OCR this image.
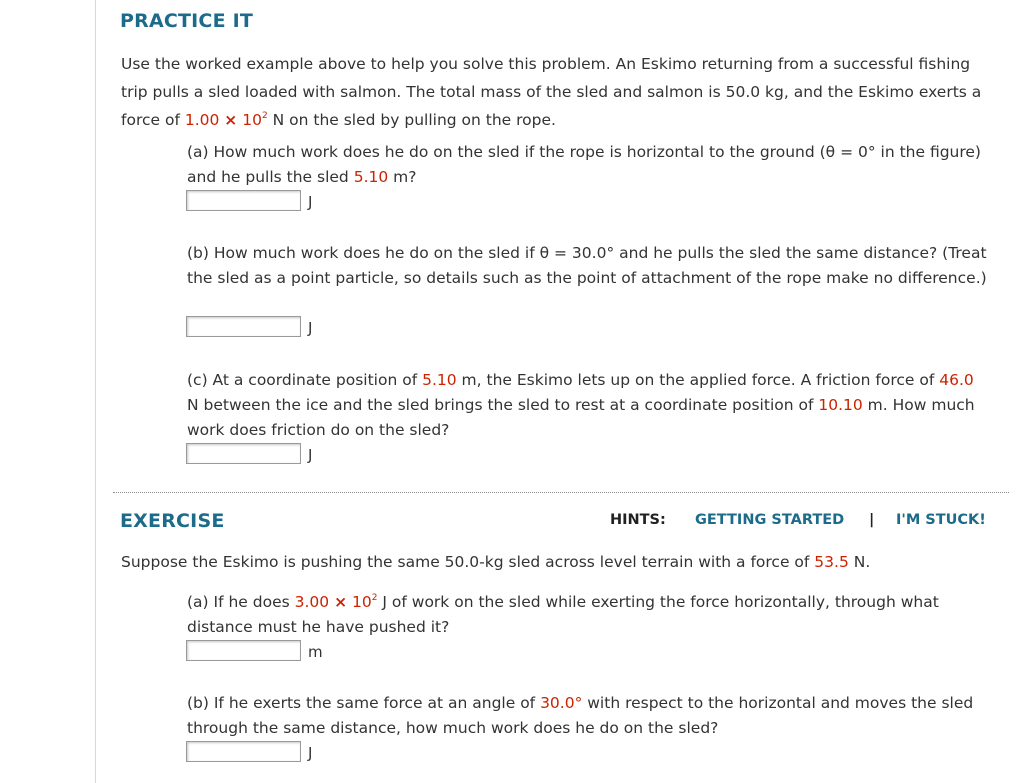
PRACTICE IT
Use the worked example above to help you solve this problem. An Eskimo returning from a successful fishing trip pulls a sled loaded with salmon. The total mass of the sled and salmon is 50.0 kg, and the Eskimo exerts a force of $1.00 \times 10^2$ N on the sled by pulling on the rope.
(a) How much work does he do on the sled if the rope is horizontal to the ground (θ = 0° in the figure) and he pulls the sled 5.10 m?
J
(b) How much work does he do on the sled if θ = 30.0° and he pulls the sled the same distance? (Treat the sled as a point particle, so details such as the point of attachment of the rope make no difference.)
J
(c) At a coordinate position of 5.10 m, the Eskimo lets up on the applied force. A friction force of 46.0 N between the ice and the sled brings the sled to rest at a coordinate position of 10.10 m. How much work does friction do on the sled?
J
EXERCISE	HINTS: GETTING STARTED | I'M STUCK!
Suppose the Eskimo is pushing the same 50.0-kg sled across level terrain with a force of 53.5 N.
(a) If he does $3.00 \times 10^2$ J of work on the sled while exerting the force horizontally, through what distance must he have pushed it?
m
(b) If he exerts the same force at an angle of 30.0° with respect to the horizontal and moves the sled through the same distance, how much work does he do on the sled?
J
